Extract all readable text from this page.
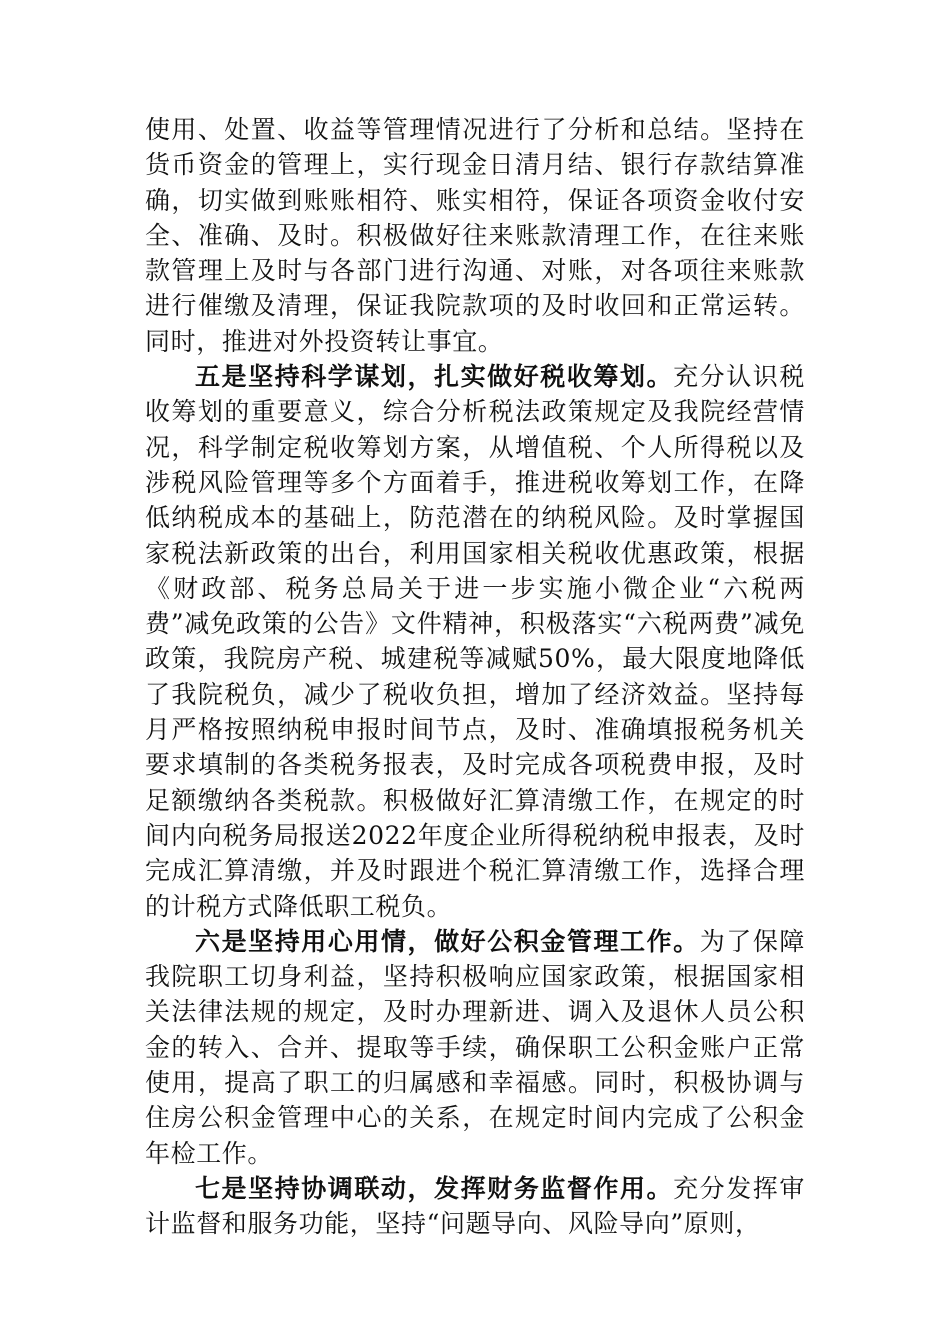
使用、处置、收益等管理情况进行了分析和总结。坚持在货币资金的管理上，实行现金日清月结、银行存款结算准确，切实做到账账相符、账实相符，保证各项资金收付安全、准确、及时。积极做好往来账款清理工作，在往来账款管理上及时与各部门进行沟通、对账，对各项往来账款进行催缴及清理，保证我院款项的及时收回和正常运转。同时，推进对外投资转让事宜。

五是坚持科学谋划，扎实做好税收筹划。充分认识税收筹划的重要意义，综合分析税法政策规定及我院经营情况，科学制定税收筹划方案，从增值税、个人所得税以及涉税风险管理等多个方面着手，推进税收筹划工作，在降低纳税成本的基础上，防范潜在的纳税风险。及时掌握国家税法新政策的出台，利用国家相关税收优惠政策，根据《财政部、税务总局关于进一步实施小微企业“六税两费”减免政策的公告》文件精神，积极落实“六税两费”减免政策，我院房产税、城建税等减赋50%，最大限度地降低了我院税负，减少了税收负担，增加了经济效益。坚持每月严格按照纳税申报时间节点，及时、准确填报税务机关要求填制的各类税务报表，及时完成各项税费申报，及时足额缴纳各类税款。积极做好汇算清缴工作，在规定的时间内向税务局报送2022年度企业所得税纳税申报表，及时完成汇算清缴，并及时跟进个税汇算清缴工作，选择合理的计税方式降低职工税负。

六是坚持用心用情，做好公积金管理工作。为了保障我院职工切身利益，坚持积极响应国家政策，根据国家相关法律法规的规定，及时办理新进、调入及退休人员公积金的转入、合并、提取等手续，确保职工公积金账户正常使用，提高了职工的归属感和幸福感。同时，积极协调与住房公积金管理中心的关系，在规定时间内完成了公积金年检工作。

七是坚持协调联动，发挥财务监督作用。充分发挥审计监督和服务功能，坚持“问题导向、风险导向”原则，
